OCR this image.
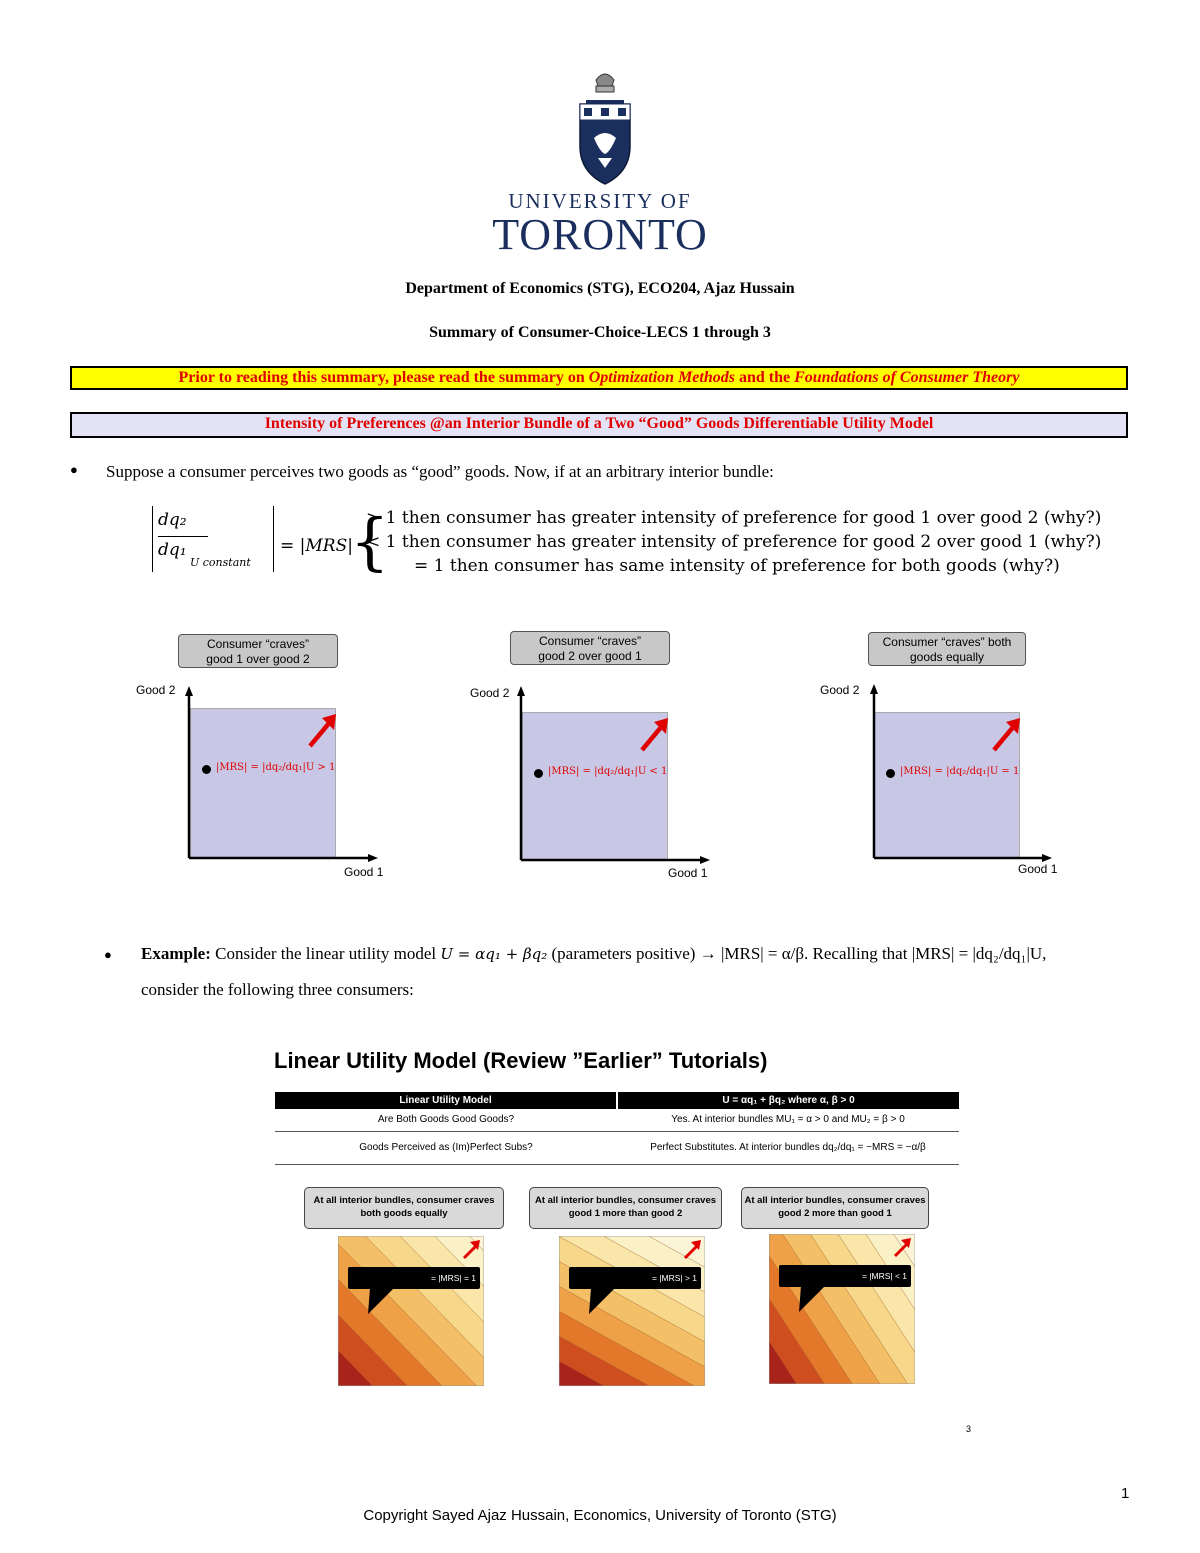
UNIVERSITY OF
TORONTO
Department of Economics (STG), ECO204, Ajaz Hussain
Summary of Consumer-Choice-LECS 1 through 3
Prior to reading this summary, please read the summary on Optimization Methods and the Foundations of Consumer Theory
Intensity of Preferences @an Interior Bundle of a Two “Good” Goods Differentiable Utility Model
● Suppose a consumer perceives two goods as “good” goods. Now, if at an arbitrary interior bundle:
dq₂
dq₁
U constant
= |MRS|
{
> 1 then consumer has greater intensity of preference for good 1 over good 2 (why?)
< 1 then consumer has greater intensity of preference for good 2 over good 1 (why?)
= 1 then consumer has same intensity of preference for both goods (why?)
Consumer “craves”
good 1 over good 2
|MRS| = |dq₂/dq₁|U > 1
Good 2
Good 1
Consumer “craves”
good 2 over good 1
|MRS| = |dq₂/dq₁|U < 1
Good 2
Good 1
Consumer “craves” both
goods equally
|MRS| = |dq₂/dq₁|U = 1
Good 2
Good 1
● Example: Consider the linear utility model U = αq₁ + βq₂ (parameters positive) → |MRS| = α/β. Recalling that |MRS| = |dq₂/dq₁|U,
consider the following three consumers:
Linear Utility Model (Review ”Earlier” Tutorials)
Linear Utility Model	U = αq₁ + βq₂ where α, β > 0
Are Both Goods Good Goods?	Yes. At interior bundles MU₁ = α > 0 and MU₂ = β > 0
Goods Perceived as (Im)Perfect Subs?	Perfect Substitutes. At interior bundles dq₂/dq₁ = −MRS = −α/β
At all interior bundles, consumer craves both goods equally
At all interior bundles, consumer craves good 1 more than good 2
At all interior bundles, consumer craves good 2 more than good 1
= |MRS| = 1	= |MRS| > 1	= |MRS| < 1
3
1
Copyright Sayed Ajaz Hussain, Economics, University of Toronto (STG)
